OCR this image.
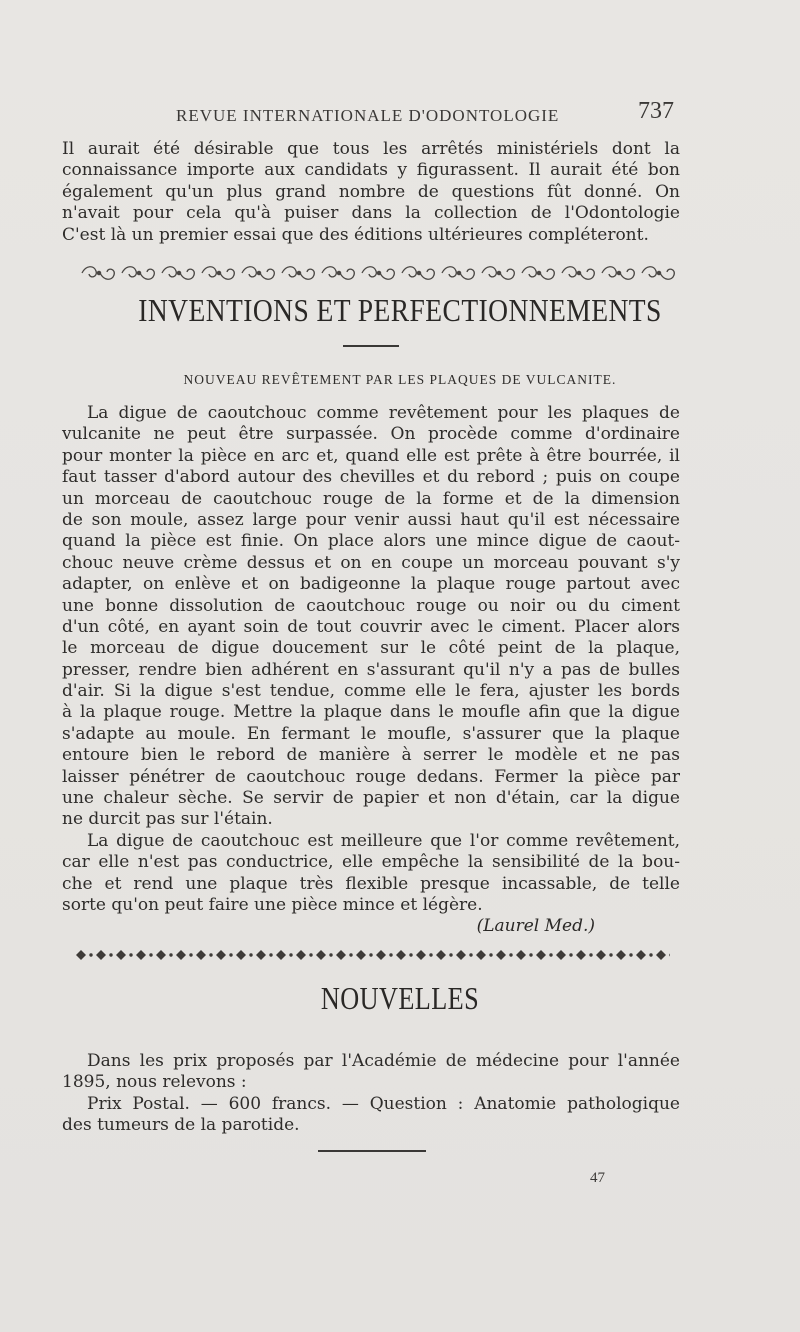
REVUE INTERNATIONALE D'ODONTOLOGIE	737
Il aurait été désirable que tous les arrêtés ministériels dont la
connaissance importe aux candidats y figurassent. Il aurait été bon
également qu'un plus grand nombre de questions fût donné. On
n'avait pour cela qu'à puiser dans la collection de l'Odontologie
C'est là un premier essai que des éditions ultérieures compléteront.
INVENTIONS ET PERFECTIONNEMENTS
NOUVEAU REVÊTEMENT PAR LES PLAQUES DE VULCANITE.
La digue de caoutchouc comme revêtement pour les plaques de
vulcanite ne peut être surpassée. On procède comme d'ordinaire
pour monter la pièce en arc et, quand elle est prête à être bourrée, il
faut tasser d'abord autour des chevilles et du rebord ; puis on coupe
un morceau de caoutchouc rouge de la forme et de la dimension
de son moule, assez large pour venir aussi haut qu'il est nécessaire
quand la pièce est finie. On place alors une mince digue de caout-
chouc neuve crème dessus et on en coupe un morceau pouvant s'y
adapter, on enlève et on badigeonne la plaque rouge partout avec
une bonne dissolution de caoutchouc rouge ou noir ou du ciment
d'un côté, en ayant soin de tout couvrir avec le ciment. Placer alors
le morceau de digue doucement sur le côté peint de la plaque,
presser, rendre bien adhérent en s'assurant qu'il n'y a pas de bulles
d'air. Si la digue s'est tendue, comme elle le fera, ajuster les bords
à la plaque rouge. Mettre la plaque dans le moufle afin que la digue
s'adapte au moule. En fermant le moufle, s'assurer que la plaque
entoure bien le rebord de manière à serrer le modèle et ne pas
laisser pénétrer de caoutchouc rouge dedans. Fermer la pièce par
une chaleur sèche. Se servir de papier et non d'étain, car la digue
ne durcit pas sur l'étain.
La digue de caoutchouc est meilleure que l'or comme revêtement,
car elle n'est pas conductrice, elle empêche la sensibilité de la bou-
che et rend une plaque très flexible presque incassable, de telle
sorte qu'on peut faire une pièce mince et légère.
(Laurel Med.)
NOUVELLES
Dans les prix proposés par l'Académie de médecine pour l'année
1895, nous relevons :
Prix Postal. — 600 francs. — Question : Anatomie pathologique
des tumeurs de la parotide.
47
